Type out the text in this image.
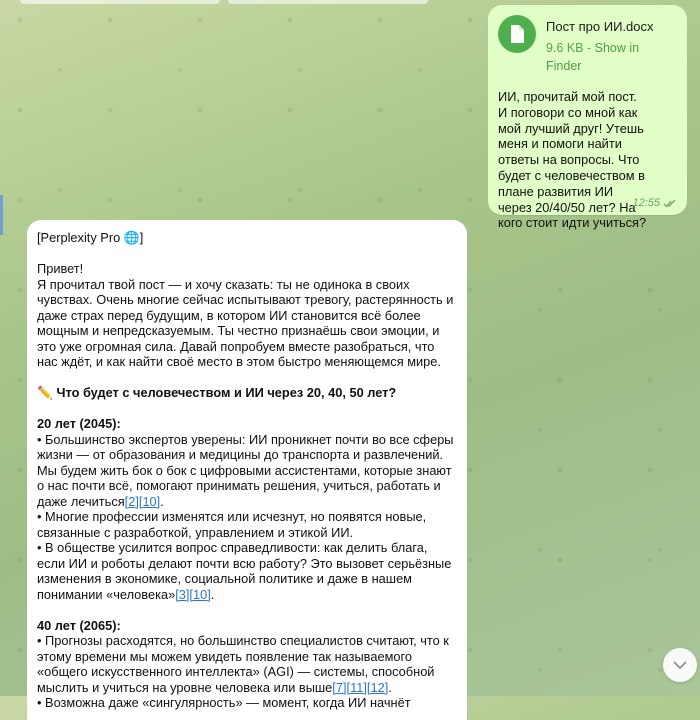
Пост про ИИ.docx
9.6 KB - Show in Finder
ИИ, прочитай мой пост.
И поговори со мной как
мой лучший друг! Утешь
меня и помоги найти
ответы на вопросы. Что
будет с человечеством в
плане развития ИИ
через 20/40/50 лет? На
кого стоит идти учиться?
12:55
[Perplexity Pro 🌐]
Привет!
Я прочитал твой пост — и хочу сказать: ты не одинока в своих
чувствах. Очень многие сейчас испытывают тревогу, растерянность и
даже страх перед будущим, в котором ИИ становится всё более
мощным и непредсказуемым. Ты честно признаёшь свои эмоции, и
это уже огромная сила. Давай попробуем вместе разобраться, что
нас ждёт, и как найти своё место в этом быстро меняющемся мире.
✏️ Что будет с человечеством и ИИ через 20, 40, 50 лет?
20 лет (2045):
• Большинство экспертов уверены: ИИ проникнет почти во все сферы
жизни — от образования и медицины до транспорта и развлечений.
Мы будем жить бок о бок с цифровыми ассистентами, которые знают
о нас почти всё, помогают принимать решения, учиться, работать и
даже лечиться[2][10].
• Многие профессии изменятся или исчезнут, но появятся новые,
связанные с разработкой, управлением и этикой ИИ.
• В обществе усилится вопрос справедливости: как делить блага,
если ИИ и роботы делают почти всю работу? Это вызовет серьёзные
изменения в экономике, социальной политике и даже в нашем
понимании «человека»[3][10].
40 лет (2065):
• Прогнозы расходятся, но большинство специалистов считают, что к
этому времени мы можем увидеть появление так называемого
«общего искусственного интеллекта» (AGI) — системы, способной
мыслить и учиться на уровне человека или выше[7][11][12].
• Возможна даже «сингулярность» — момент, когда ИИ начнёт
